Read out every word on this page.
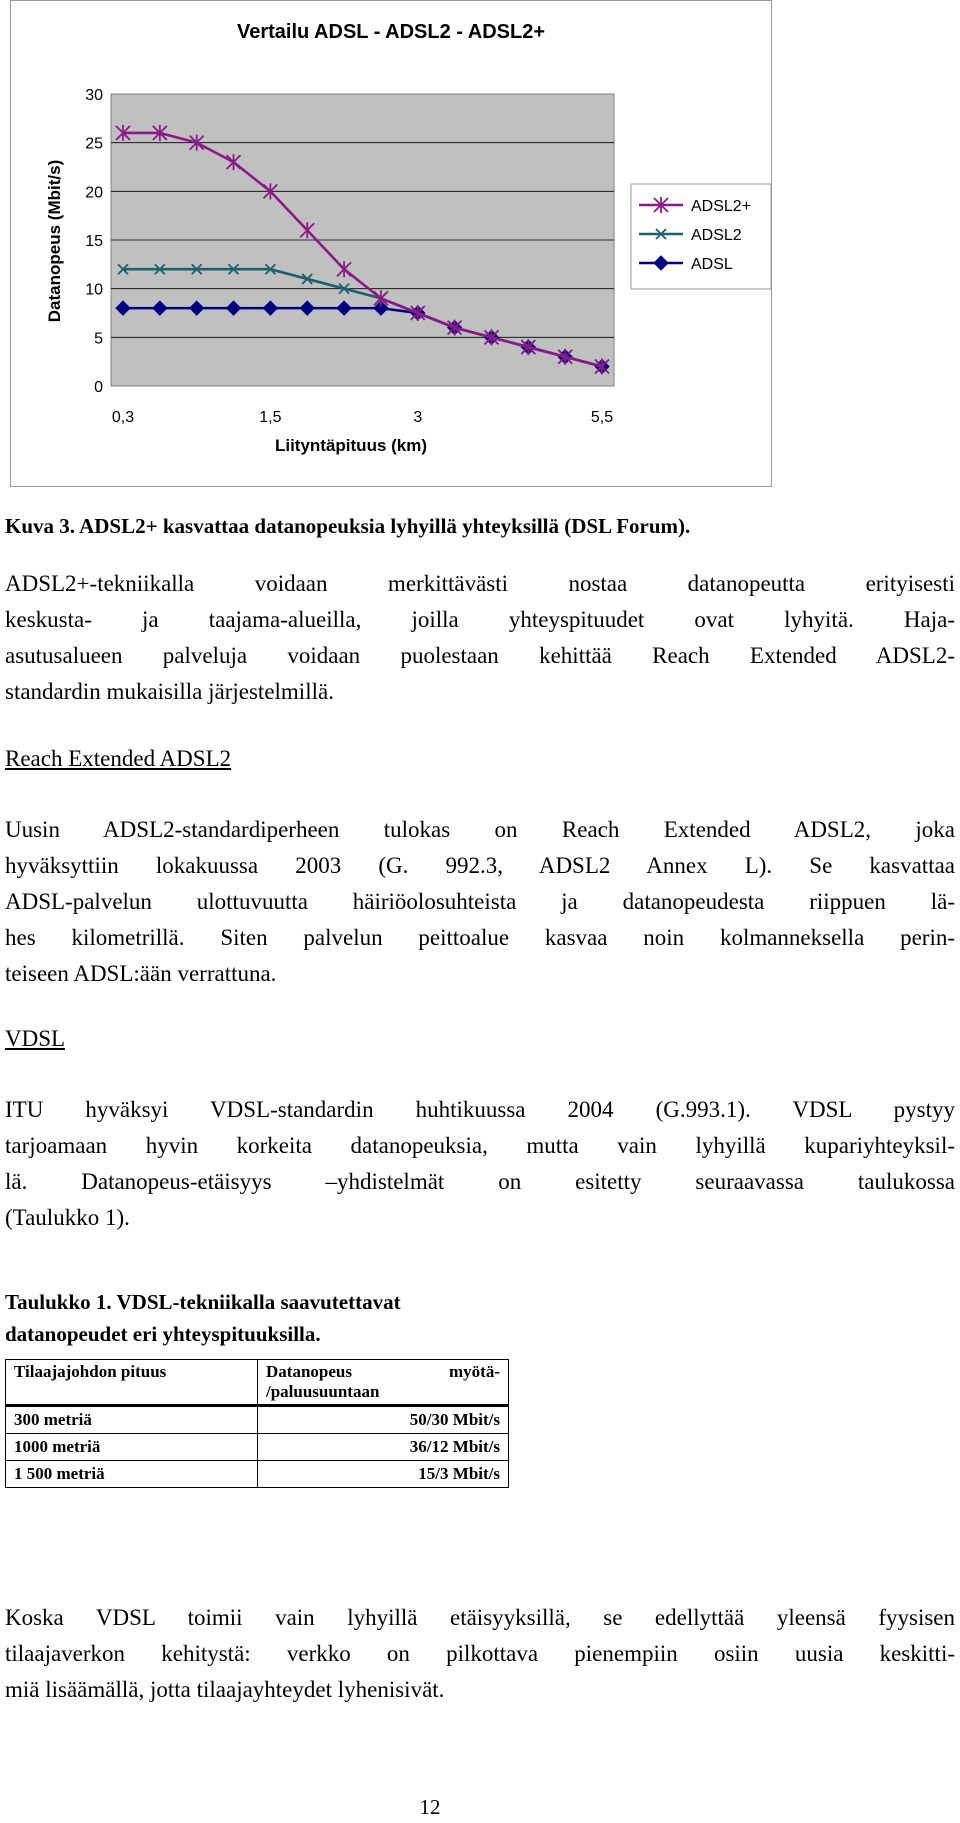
Vertailu ADSL - ADSL2 - ADSL2+
0
5
10
15
20
25
30
0,3	1,5	3	5,5
Datanopeus (Mbit/s)
Liityntäpituus (km)
ADSL2+
ADSL2
ADSL
Kuva 3. ADSL2+ kasvattaa datanopeuksia lyhyillä yhteyksillä (DSL Forum).
ADSL2+-tekniikalla voidaan merkittävästi nostaa datanopeutta erityisesti
keskusta- ja taajama-alueilla, joilla yhteyspituudet ovat lyhyitä. Haja-
asutusalueen palveluja voidaan puolestaan kehittää Reach Extended ADSL2-
standardin mukaisilla järjestelmillä.
Reach Extended ADSL2
Uusin ADSL2-standardiperheen tulokas on Reach Extended ADSL2, joka
hyväksyttiin lokakuussa 2003 (G. 992.3, ADSL2 Annex L). Se kasvattaa
ADSL-palvelun ulottuvuutta häiriöolosuhteista ja datanopeudesta riippuen lä-
hes kilometrillä. Siten palvelun peittoalue kasvaa noin kolmanneksella perin-
teiseen ADSL:ään verrattuna.
VDSL
ITU hyväksyi VDSL-standardin huhtikuussa 2004 (G.993.1). VDSL pystyy
tarjoamaan hyvin korkeita datanopeuksia, mutta vain lyhyillä kupariyhteyksil-
lä. Datanopeus-etäisyys –yhdistelmät on esitetty seuraavassa taulukossa
(Taulukko 1).
Taulukko 1. VDSL-tekniikalla saavutettavat
datanopeudet eri yhteyspituuksilla.
Tilaajajohdon pituus	Datanopeus myötä-
/paluusuuntaan

300 metriä	50/30 Mbit/s
1000 metriä	36/12 Mbit/s
1 500 metriä	15/3 Mbit/s
Koska VDSL toimii vain lyhyillä etäisyyksillä, se edellyttää yleensä fyysisen
tilaajaverkon kehitystä: verkko on pilkottava pienempiin osiin uusia keskitti-
miä lisäämällä, jotta tilaajayhteydet lyhenisivät.
12
